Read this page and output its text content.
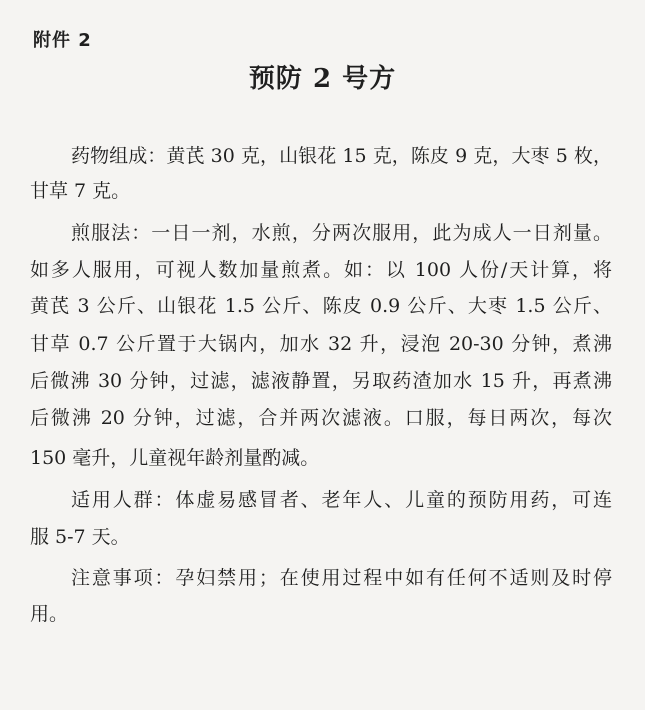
附件 2
预防 2 号方
药物组成：黄芪 30 克，山银花 15 克，陈皮 9 克，大枣 5 枚，
甘草 7 克。
煎服法：一日一剂，水煎，分两次服用，此为成人一日剂量。
如多人服用，可视人数加量煎煮。如：以 100 人份/天计算，将
黄芪 3 公斤、山银花 1.5 公斤、陈皮 0.9 公斤、大枣 1.5 公斤、
甘草 0.7 公斤置于大锅内，加水 32 升，浸泡 20-30 分钟，煮沸
后微沸 30 分钟，过滤，滤液静置，另取药渣加水 15 升，再煮沸
后微沸 20 分钟，过滤，合并两次滤液。口服，每日两次，每次
150 毫升，儿童视年龄剂量酌减。
适用人群：体虚易感冒者、老年人、儿童的预防用药，可连
服 5-7 天。
注意事项：孕妇禁用；在使用过程中如有任何不适则及时停
用。
